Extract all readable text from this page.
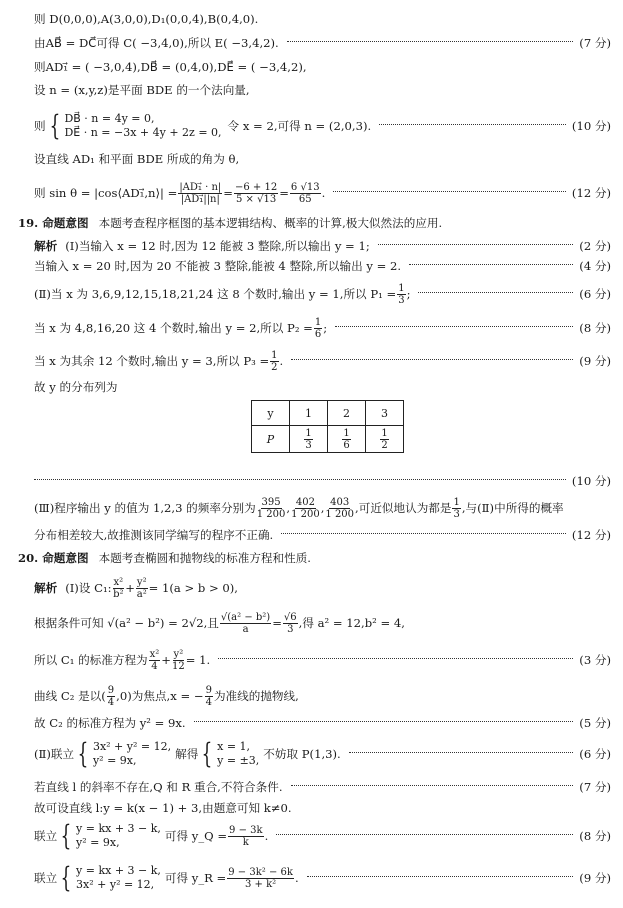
则 D(0,0,0),A(3,0,0),D₁(0,0,4),B(0,4,0).
由AB⃗ = DC⃗可得 C( −3,4,0),所以 E( −3,4,2).	(7 分)
则AD₁⃗ = ( −3,0,4),DB⃗ = (0,4,0),DE⃗ = ( −3,4,2),
设 n = (x,y,z)是平面 BDE 的一个法向量,
则 { DB⃗ · n = 4y = 0,
DE⃗ · n = −3x + 4y + 2z = 0, 令 x = 2,可得 n = (2,0,3).	(10 分)
设直线 AD₁ 和平面 BDE 所成的角为 θ,
则 sin θ = |cos⟨AD₁⃗,n⟩| = $\frac{\text{|AD₁⃗ · n|}}{\text{|AD₁⃗||n|}} = \frac{-6 + 12}{5 \times √13} = \frac{6 √13}{65}$ .	(12 分)
19. 命题意图 本题考查程序框图的基本逻辑结构、概率的计算,极大似然法的应用.
解析 (Ⅰ)当输入 x = 12 时,因为 12 能被 3 整除,所以输出 y = 1;	(2 分)
当输入 x = 20 时,因为 20 不能被 3 整除,能被 4 整除,所以输出 y = 2.	(4 分)
(Ⅱ)当 x 为 3,6,9,12,15,18,21,24 这 8 个数时,输出 y = 1,所以 $P_1 = \frac{1}{3}$ ;	(6 分)
当 x 为 4,8,16,20 这 4 个数时,输出 y = 2,所以 $P_2 = \frac{1}{6}$ ;	(8 分)
当 x 为其余 12 个数时,输出 y = 3,所以 $P_3 = \frac{1}{2}$ .	(9 分)
故 y 的分布列为
y	1	2	3
P	$\frac{1}{3}$	$\frac{1}{6}$	$\frac{1}{2}$
(10 分)
(Ⅲ)程序输出 y 的值为 1,2,3 的频率分别为 $\frac{395}{1 200}$ , $\frac{402}{1 200}$ , $\frac{403}{1 200}$ ,可近似地认为都是 $\frac{1}{3}$ ,与(Ⅱ)中所得的概率
分布相差较大,故推测该同学编写的程序不正确.	(12 分)
20. 命题意图 本题考查椭圆和抛物线的标准方程和性质.
解析 (Ⅰ)设 C₁: $\frac{\text{x²}}{\text{b²}} + \frac{\text{y²}}{\text{a²}} = 1(a > b > 0)$,
根据条件可知 √(a² − b²) = 2√2,且 $\frac{\text{√(a² − b²)}}{a} = \frac{√6}{3}$ ,得 a² = 12,b² = 4,
所以 C₁ 的标准方程为 $\frac{\text{x²}}{4} + \frac{\text{y²}}{12} = 1$.	(3 分)
曲线 C₂ 是以( $\frac{9}{4} ,0$)为焦点,x = − $\frac{9}{4}$ 为准线的抛物线,
故 C₂ 的标准方程为 y² = 9x.	(5 分)
(Ⅱ)联立 { 3x² + y² = 12,
y² = 9x,	解得 { x = 1,
y = ±3, 不妨取 P(1,3).	(6 分)
若直线 l 的斜率不存在,Q 和 R 重合,不符合条件.	(7 分)
故可设直线 l:y = k(x − 1) + 3,由题意可知 k≠0.
联立 { y = kx + 3 − k,
y² = 9x,	可得 y_Q = $\frac{9 - 3k}{k}$ .	(8 分)
联立 { y = kx + 3 − k,
3x² + y² = 12, 可得 y_R = $\frac{\text{9 − 3k² − 6k}}{\text{3 + k²}}$ .	(9 分)
